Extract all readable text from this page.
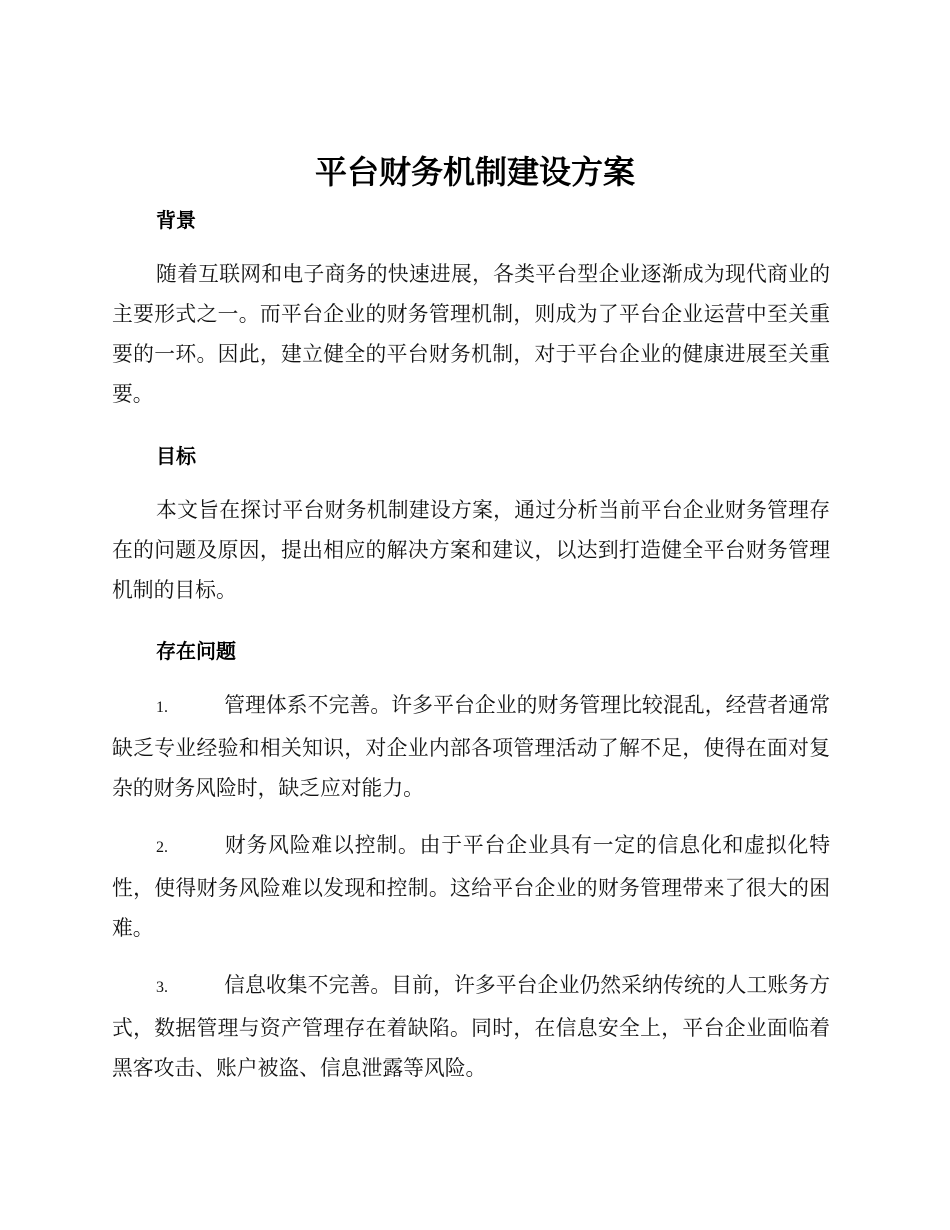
平台财务机制建设方案
背景

随着互联网和电子商务的快速进展，各类平台型企业逐渐成为现代商业的主要形式之一。而平台企业的财务管理机制，则成为了平台企业运营中至关重要的一环。因此，建立健全的平台财务机制，对于平台企业的健康进展至关重要。

目标

本文旨在探讨平台财务机制建设方案，通过分析当前平台企业财务管理存在的问题及原因，提出相应的解决方案和建议，以达到打造健全平台财务管理机制的目标。

存在问题

1.	管理体系不完善。许多平台企业的财务管理比较混乱，经营者通常缺乏专业经验和相关知识，对企业内部各项管理活动了解不足，使得在面对复杂的财务风险时，缺乏应对能力。

2.	财务风险难以控制。由于平台企业具有一定的信息化和虚拟化特性，使得财务风险难以发现和控制。这给平台企业的财务管理带来了很大的困难。

3.	信息收集不完善。目前，许多平台企业仍然采纳传统的人工账务方式，数据管理与资产管理存在着缺陷。同时，在信息安全上，平台企业面临着黑客攻击、账户被盗、信息泄露等风险。
